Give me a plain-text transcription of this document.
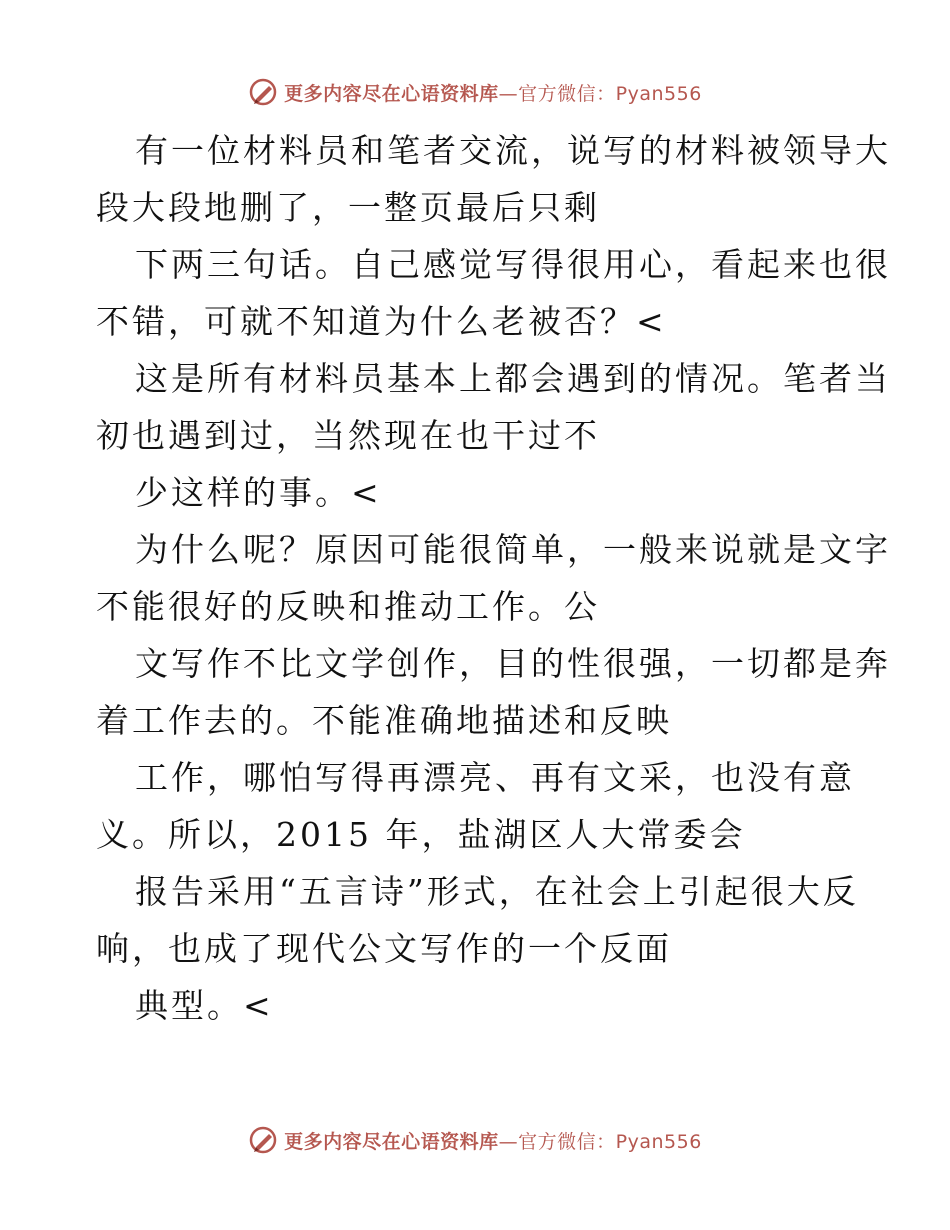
更多内容尽在心语资料库—官方微信：Pyan556
有一位材料员和笔者交流，说写的材料被领导大
段大段地删了，一整页最后只剩
下两三句话。自己感觉写得很用心，看起来也很
不错，可就不知道为什么老被否？<
这是所有材料员基本上都会遇到的情况。笔者当
初也遇到过，当然现在也干过不
少这样的事。<
为什么呢？原因可能很简单，一般来说就是文字
不能很好的反映和推动工作。公
文写作不比文学创作，目的性很强，一切都是奔
着工作去的。不能准确地描述和反映
工作，哪怕写得再漂亮、再有文采，也没有意
义。所以，2015 年，盐湖区人大常委会
报告采用“五言诗”形式，在社会上引起很大反
响，也成了现代公文写作的一个反面
典型。<
更多内容尽在心语资料库—官方微信：Pyan556
